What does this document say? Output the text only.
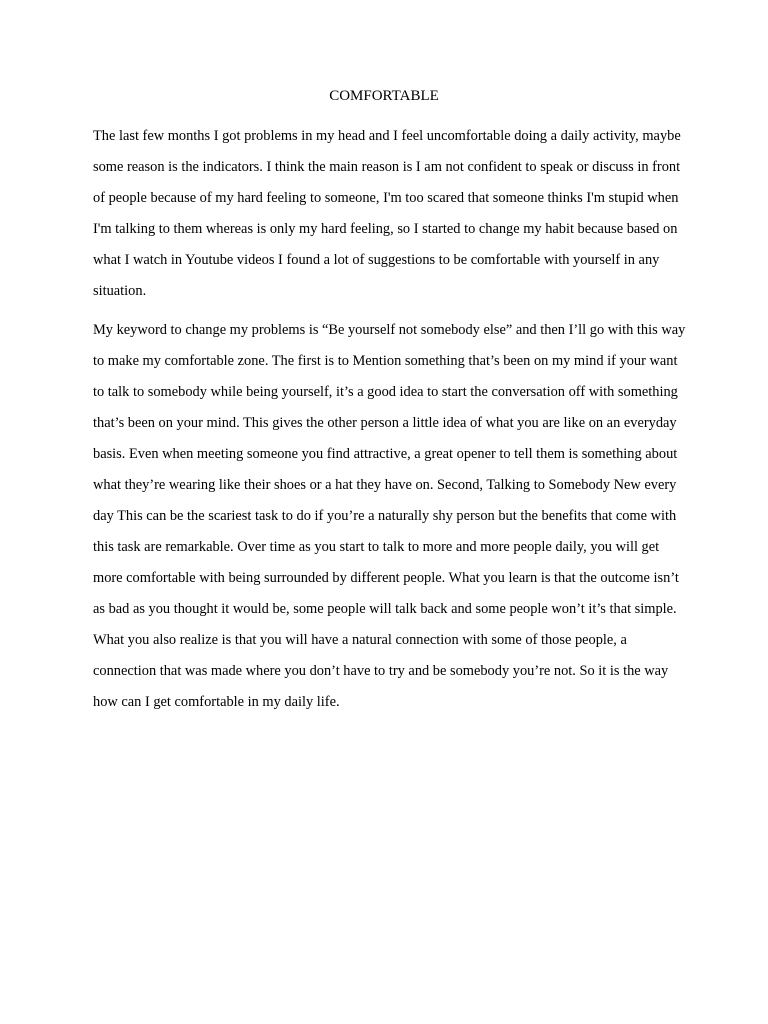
COMFORTABLE

The last few months I got problems in my head and I feel uncomfortable doing a daily activity, maybe some reason is the indicators. I think the main reason is I am not confident to speak or discuss in front of people because of my hard feeling to someone, I'm too scared that someone thinks I'm stupid when I'm talking to them whereas is only my hard feeling, so I started to change my habit because based on what I watch in Youtube videos I found a lot of suggestions to be comfortable with yourself in any situation.

My keyword to change my problems is “Be yourself not somebody else” and then I’ll go with this way to make my comfortable zone. The first is to Mention something that’s been on my mind if your want to talk to somebody while being yourself, it’s a good idea to start the conversation off with something that’s been on your mind. This gives the other person a little idea of what you are like on an everyday basis. Even when meeting someone you find attractive, a great opener to tell them is something about what they’re wearing like their shoes or a hat they have on. Second, Talking to Somebody New every day This can be the scariest task to do if you’re a naturally shy person but the benefits that come with this task are remarkable. Over time as you start to talk to more and more people daily, you will get more comfortable with being surrounded by different people. What you learn is that the outcome isn’t as bad as you thought it would be, some people will talk back and some people won’t it’s that simple. What you also realize is that you will have a natural connection with some of those people, a connection that was made where you don’t have to try and be somebody you’re not. So it is the way how can I get comfortable in my daily life.
